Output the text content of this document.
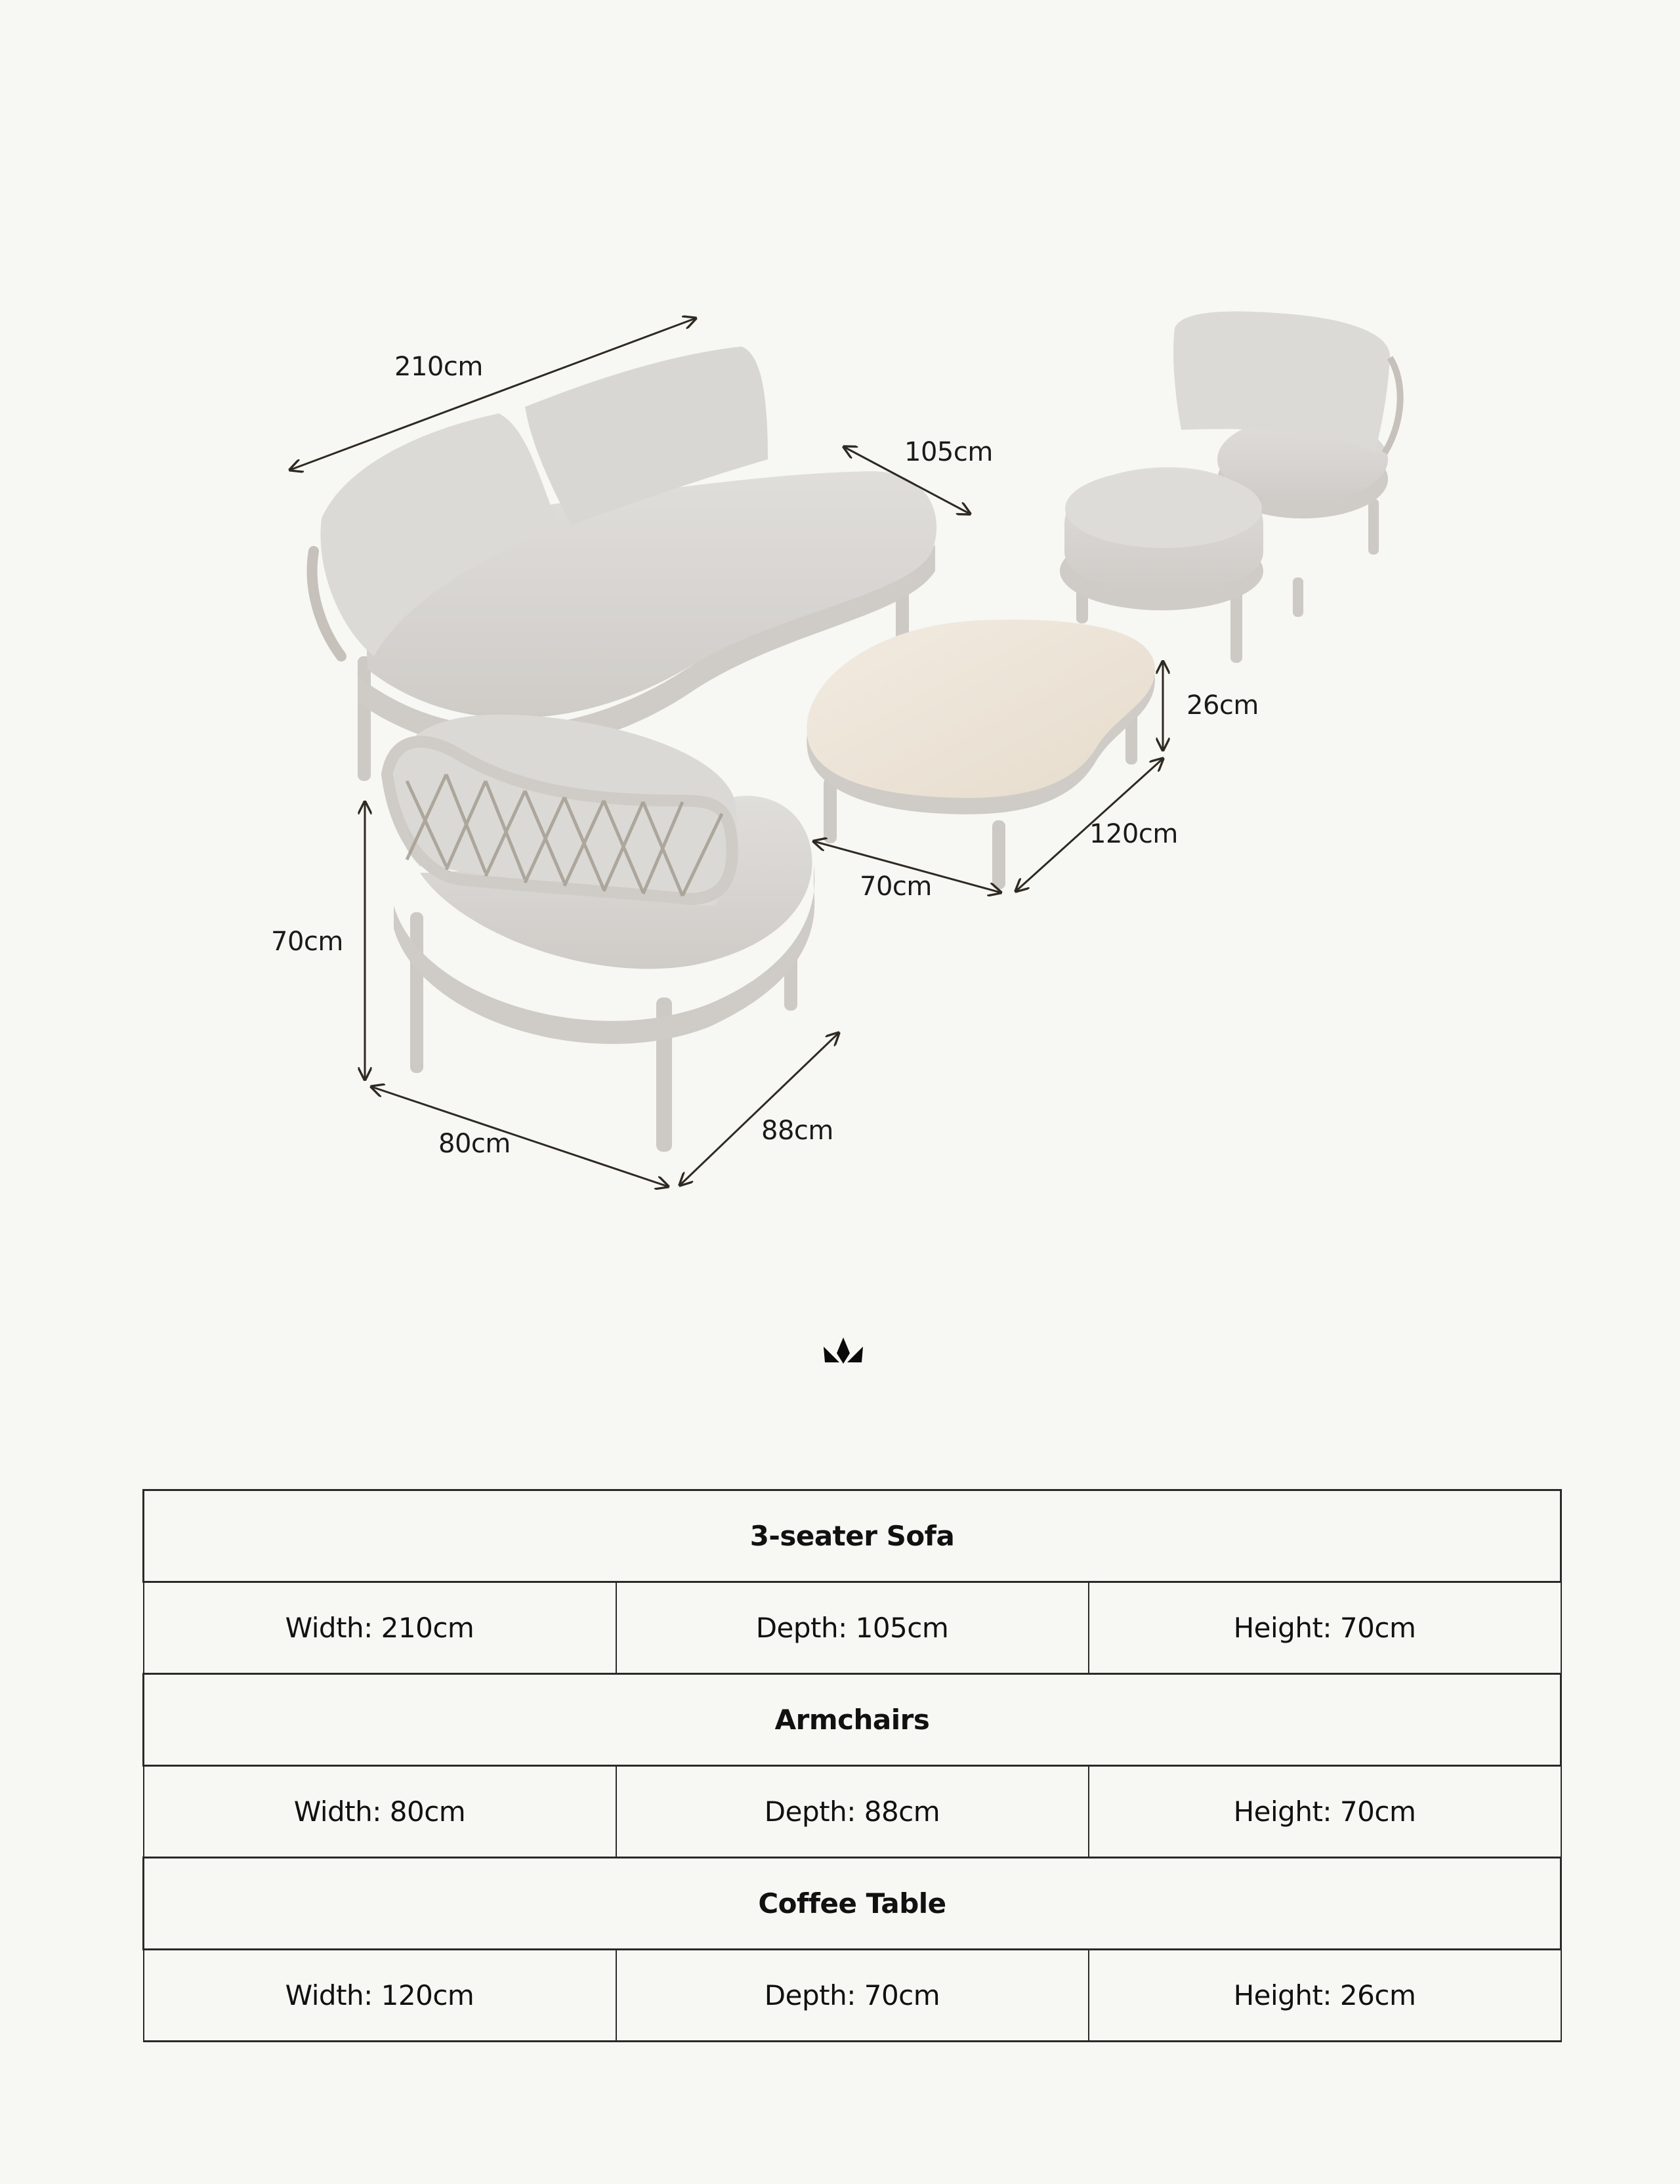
210cm
105cm
26cm
120cm
70cm
70cm
80cm	88cm
3-seater Sofa		
Width: 210cm	Depth: 105cm	Height: 70cm
Armchairs		
Width: 80cm	Depth: 88cm	Height: 70cm
Coffee Table		
Width: 120cm	Depth: 70cm	Height: 26cm
